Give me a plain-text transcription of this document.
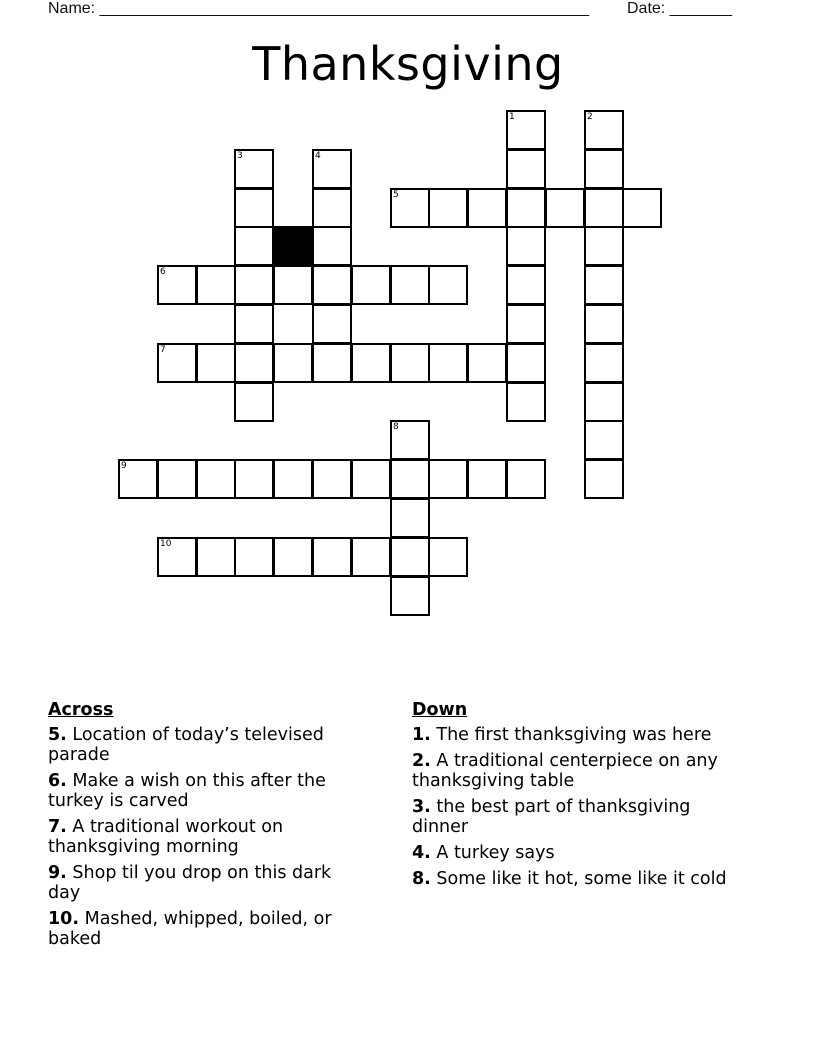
Name: _______________________________________________________ Date: _______
Thanksgiving
1	2
3	4
5
6
7
8
9
10
Across
5. Location of today’s televised parade
6. Make a wish on this after the turkey is carved
7. A traditional workout on thanksgiving morning
9. Shop til you drop on this dark day
10. Mashed, whipped, boiled, or baked
Down
1. The first thanksgiving was here
2. A traditional centerpiece on any thanksgiving table
3. the best part of thanksgiving dinner
4. A turkey says
8. Some like it hot, some like it cold
